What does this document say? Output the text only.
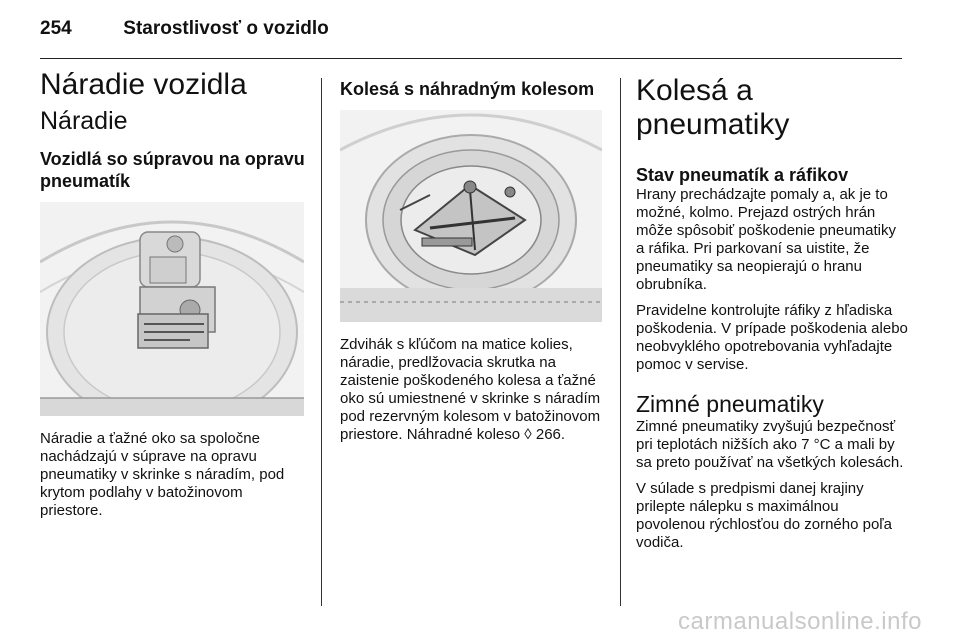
254	Starostlivosť o vozidlo
Náradie vozidla
Náradie
Vozidlá so súpravou na opravu pneumatík

Náradie a ťažné oko sa spoločne nachádzajú v súprave na opravu pneumatiky v skrinke s náradím, pod krytom podlahy v batožinovom priestore.

Kolesá s náhradným kolesom

Zdvihák s kľúčom na matice kolies, náradie, predlžovacia skrutka na zaistenie poškodeného kolesa a ťažné oko sú umiestnené v skrinke s náradím pod rezervným kolesom v batožinovom priestore. Náhradné koleso ◊ 266.

Kolesá a pneumatiky
Stav pneumatík a ráfikov

Hrany prechádzajte pomaly a, ak je to možné, kolmo. Prejazd ostrých hrán môže spôsobiť poškodenie pneumatiky a ráfika. Pri parkovaní sa uistite, že pneumatiky sa neopierajú o hranu obrubníka.

Pravidelne kontrolujte ráfiky z hľadiska poškodenia. V prípade poškodenia alebo neobvyklého opotrebovania vyhľadajte pomoc v servise.

Zimné pneumatiky

Zimné pneumatiky zvyšujú bezpečnosť pri teplotách nižších ako 7 °C a mali by sa preto používať na všetkých kolesách.

V súlade s predpismi danej krajiny prilepte nálepku s maximálnou povolenou rýchlosťou do zorného poľa vodiča.

carmanualsonline.info
